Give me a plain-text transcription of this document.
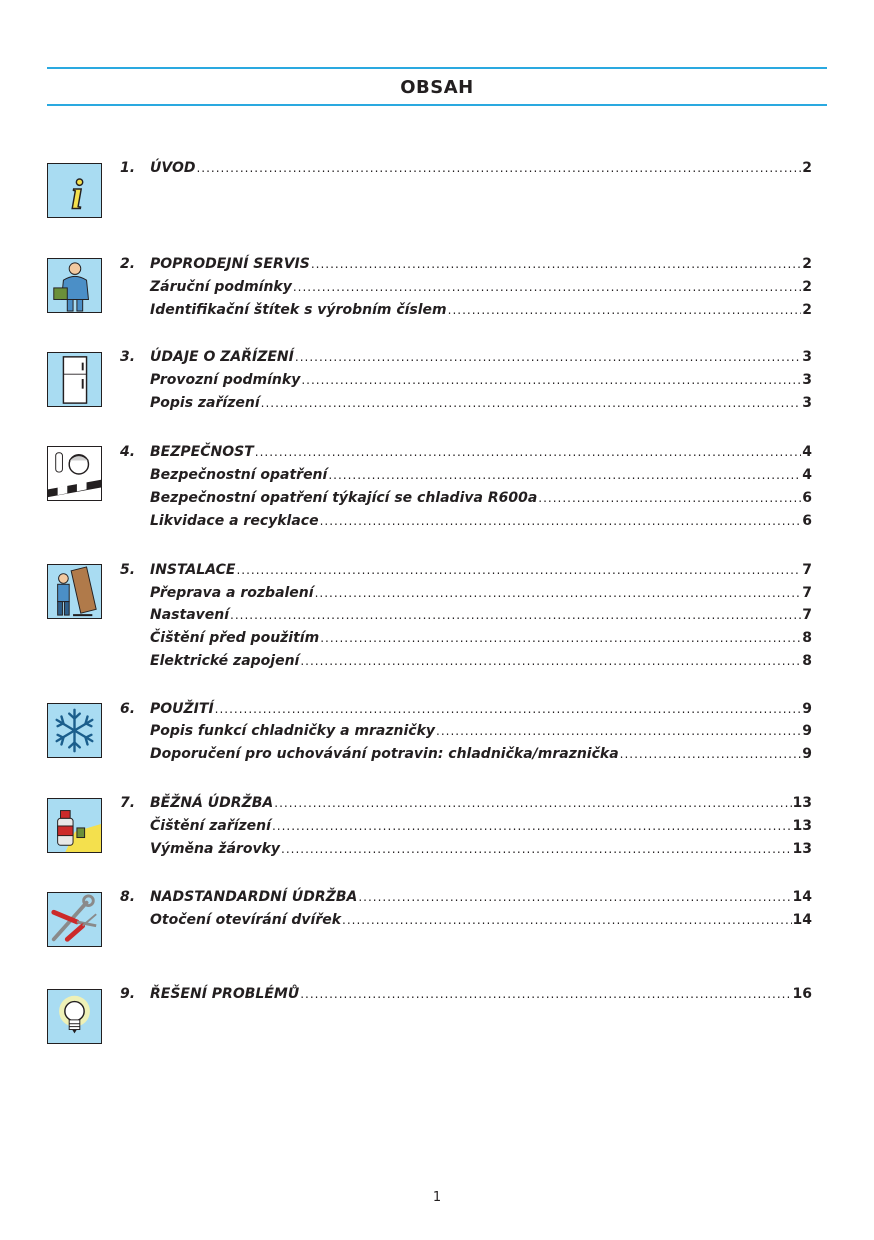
OBSAH
i
1. ÚVOD .....	2
2. POPRODEJNÍ SERVIS .....	2
Záruční podmínky .....	2
Identifikační štítek s výrobním číslem .....	2
3. ÚDAJE O ZAŘÍZENÍ .....	3
Provozní podmínky .....	3
Popis zařízení .....	3
4. BEZPEČNOST .....	4
Bezpečnostní opatření .....	4
Bezpečnostní opatření týkající se chladiva R600a .....	6
Likvidace a recyklace .....	6
5. INSTALACE .....	7
Přeprava a rozbalení .....	7
Nastavení .....	7
Čištění před použitím .....	8
Elektrické zapojení .....	8
6. POUŽITÍ .....	9
Popis funkcí chladničky a mrazničky .....	9
Doporučení pro uchovávání potravin: chladnička/mraznička .....	9
7. BĚŽNÁ ÚDRŽBA .....	13
Čištění zařízení .....	13
Výměna žárovky .....	13
8. NADSTANDARDNÍ ÚDRŽBA .....	14
Otočení otevírání dvířek .....	14
9. ŘEŠENÍ PROBLÉMŮ .....	16
1
